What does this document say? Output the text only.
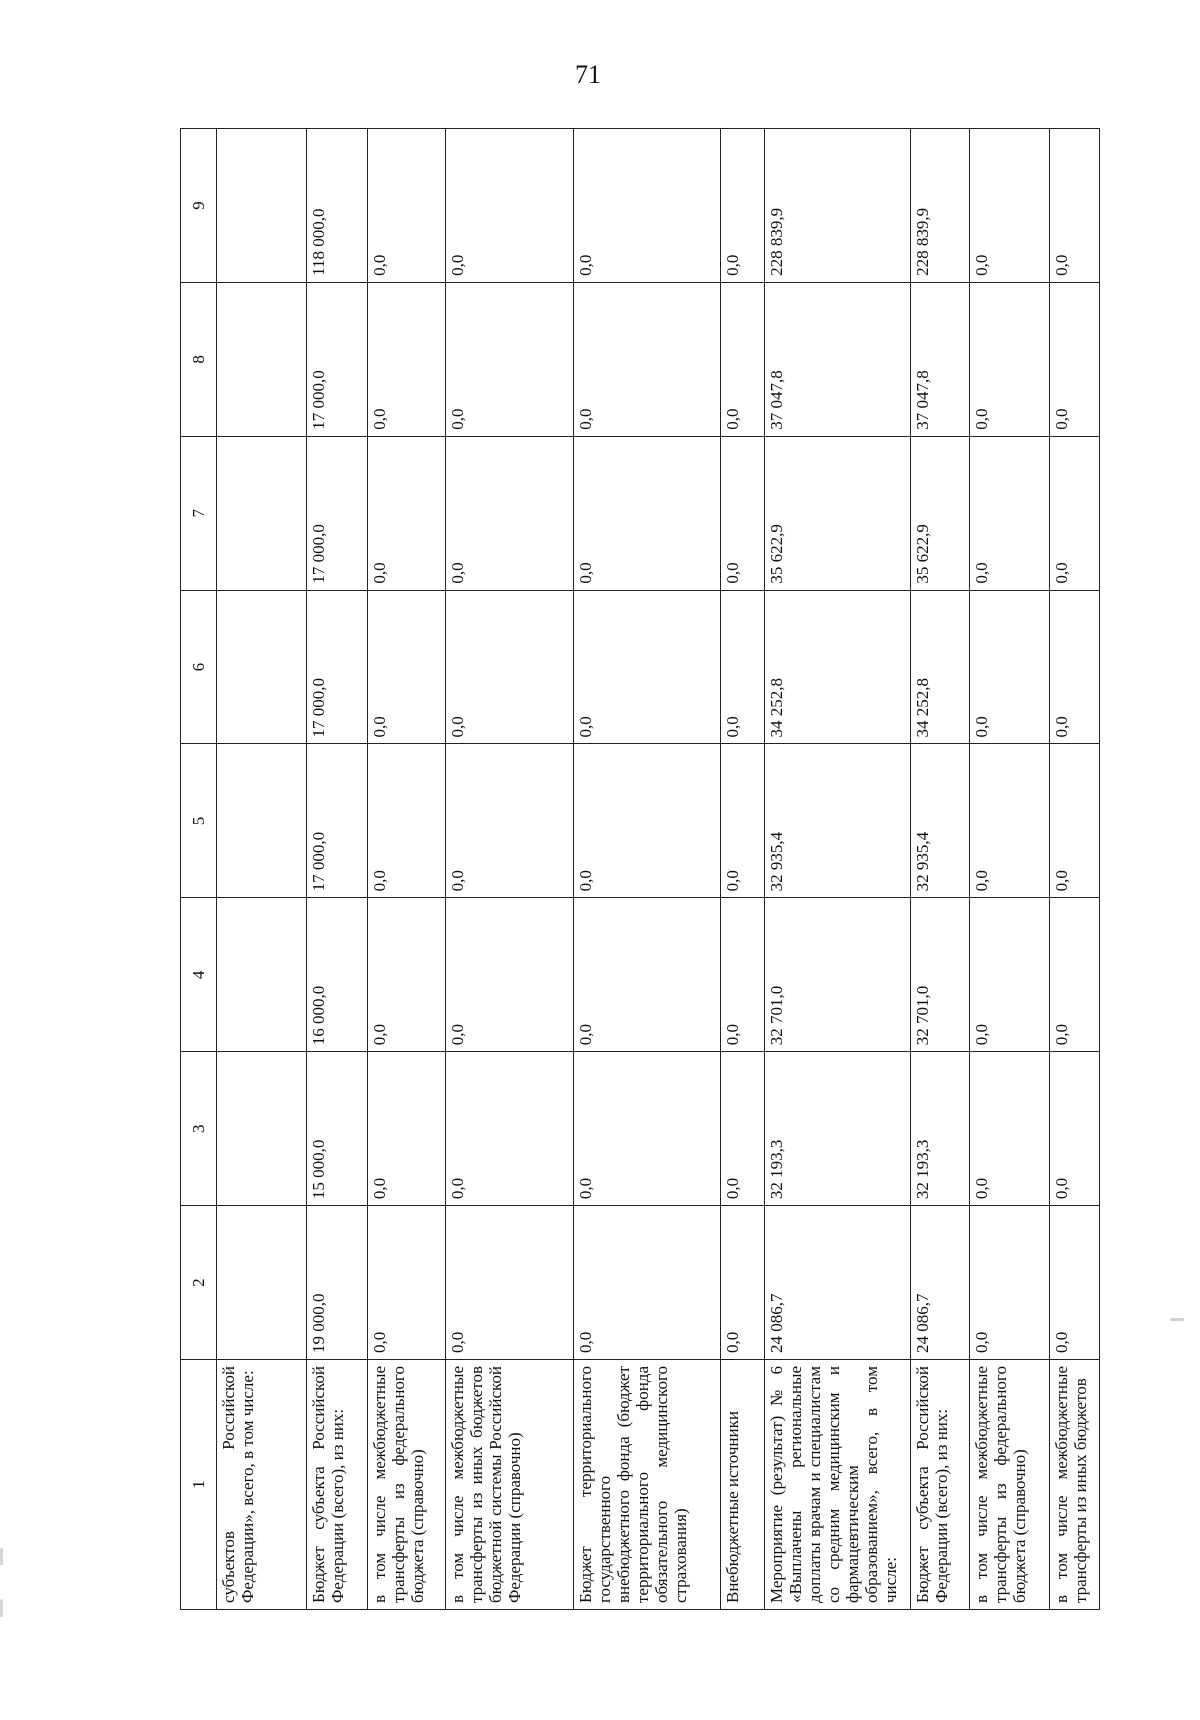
71
1	2	3	4	5	6	7	8	9
субъектов Российской Федерации», всего, в том числе:								
Бюджет субъекта Российской Федерации (всего), из них:	19 000,0	15 000,0	16 000,0	17 000,0	17 000,0	17 000,0	17 000,0	118 000,0
в том числе межбюджетные трансферты из федерального бюджета (справочно)	0,0	0,0	0,0	0,0	0,0	0,0	0,0	0,0
в том числе межбюджетные трансферты из иных бюджетов бюджетной системы Российской Федерации (справочно)	0,0	0,0	0,0	0,0	0,0	0,0	0,0	0,0
Бюджет территориального государственного внебюджетного фонда (бюджет территориального фонда обязательного медицинского страхования)	0,0	0,0	0,0	0,0	0,0	0,0	0,0	0,0
Внебюджетные источники	0,0	0,0	0,0	0,0	0,0	0,0	0,0	0,0
Мероприятие (результат) № 6 «Выплачены региональные доплаты врачам и специалистам со средним медицинским и фармацевтическим образованием», всего, в том числе:	24 086,7	32 193,3	32 701,0	32 935,4	34 252,8	35 622,9	37 047,8	228 839,9
Бюджет субъекта Российской Федерации (всего), из них:	24 086,7	32 193,3	32 701,0	32 935,4	34 252,8	35 622,9	37 047,8	228 839,9
в том числе межбюджетные трансферты из федерального бюджета (справочно)	0,0	0,0	0,0	0,0	0,0	0,0	0,0	0,0
в том числе межбюджетные трансферты из иных бюджетов	0,0	0,0	0,0	0,0	0,0	0,0	0,0	0,0
